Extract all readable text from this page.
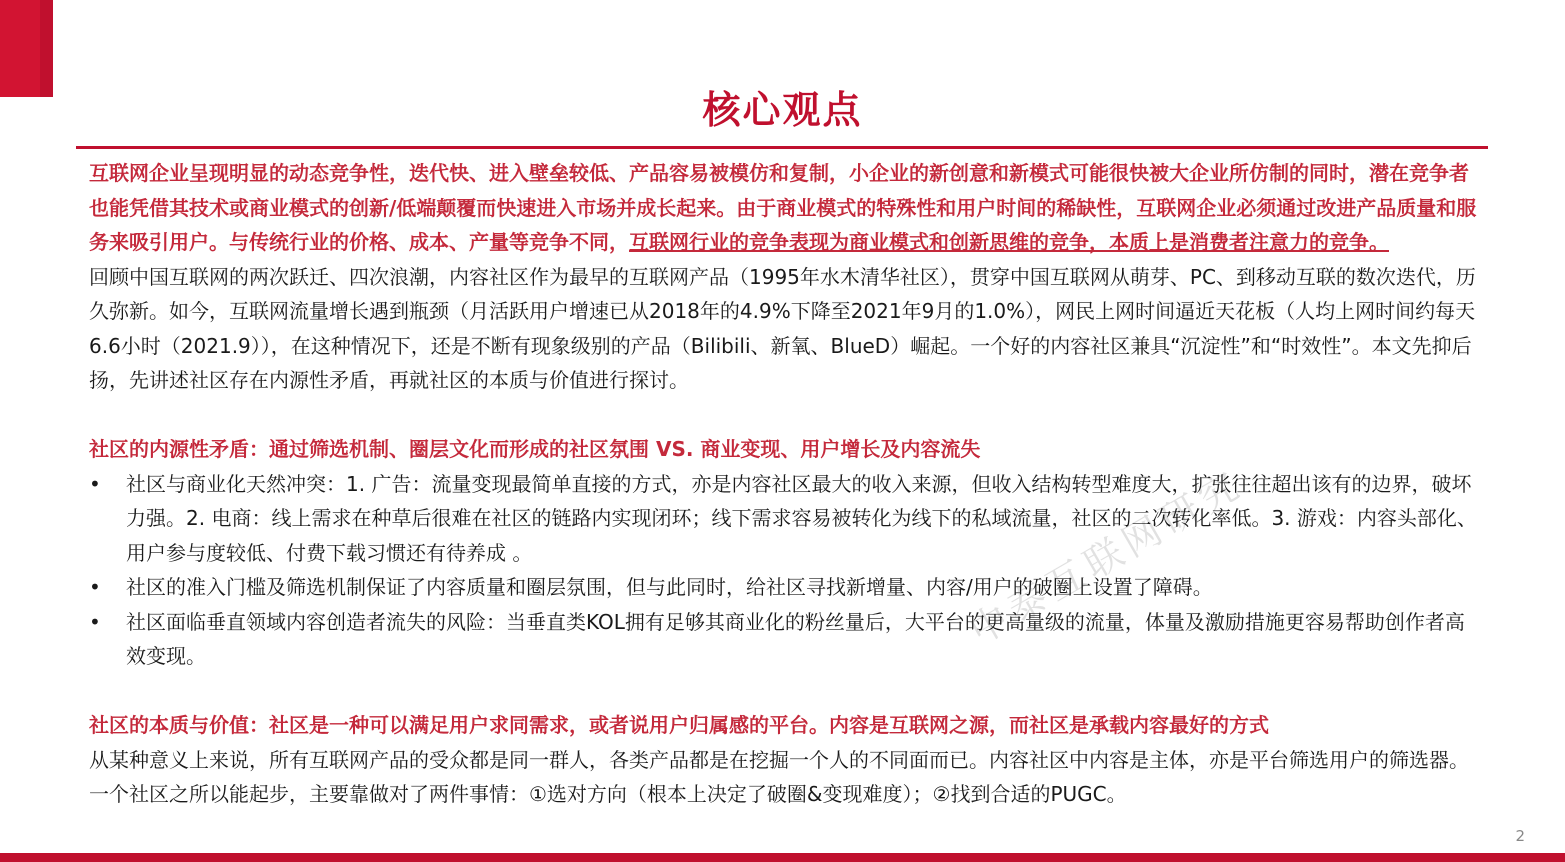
核心观点
中泰互联网研究

互联网企业呈现明显的动态竞争性，迭代快、进入壁垒较低、产品容易被模仿和复制，小企业的新创意和新模式可能很快被大企业所仿制的同时，潜在竞争者也能凭借其技术或商业模式的创新/低端颠覆而快速进入市场并成长起来。由于商业模式的特殊性和用户时间的稀缺性，互联网企业必须通过改进产品质量和服务来吸引用户。与传统行业的价格、成本、产量等竞争不同，互联网行业的竞争表现为商业模式和创新思维的竞争，本质上是消费者注意力的竞争。

回顾中国互联网的两次跃迁、四次浪潮，内容社区作为最早的互联网产品（1995年水木清华社区），贯穿中国互联网从萌芽、PC、到移动互联的数次迭代，历久弥新。如今，互联网流量增长遇到瓶颈（月活跃用户增速已从2018年的4.9%下降至2021年9月的1.0%），网民上网时间逼近天花板（人均上网时间约每天6.6小时（2021.9）），在这种情况下，还是不断有现象级别的产品（Bilibili、新氧、BlueD）崛起。一个好的内容社区兼具“沉淀性”和“时效性”。本文先抑后扬，先讲述社区存在内源性矛盾，再就社区的本质与价值进行探讨。

社区的内源性矛盾：通过筛选机制、圈层文化而形成的社区氛围 VS. 商业变现、用户增长及内容流失

•	社区与商业化天然冲突：1. 广告：流量变现最简单直接的方式，亦是内容社区最大的收入来源，但收入结构转型难度大，扩张往往超出该有的边界，破坏力强。2. 电商：线上需求在种草后很难在社区的链路内实现闭环；线下需求容易被转化为线下的私域流量，社区的二次转化率低。3. 游戏：内容头部化、用户参与度较低、付费下载习惯还有待养成 。
•	社区的准入门槛及筛选机制保证了内容质量和圈层氛围，但与此同时，给社区寻找新增量、内容/用户的破圈上设置了障碍。
•	社区面临垂直领域内容创造者流失的风险：当垂直类KOL拥有足够其商业化的粉丝量后，大平台的更高量级的流量，体量及激励措施更容易帮助创作者高效变现。

社区的本质与价值：社区是一种可以满足用户求同需求，或者说用户归属感的平台。内容是互联网之源，而社区是承载内容最好的方式

从某种意义上来说，所有互联网产品的受众都是同一群人，各类产品都是在挖掘一个人的不同面而已。内容社区中内容是主体，亦是平台筛选用户的筛选器。一个社区之所以能起步，主要靠做对了两件事情：①选对方向（根本上决定了破圈&变现难度）；②找到合适的PUGC。

2
